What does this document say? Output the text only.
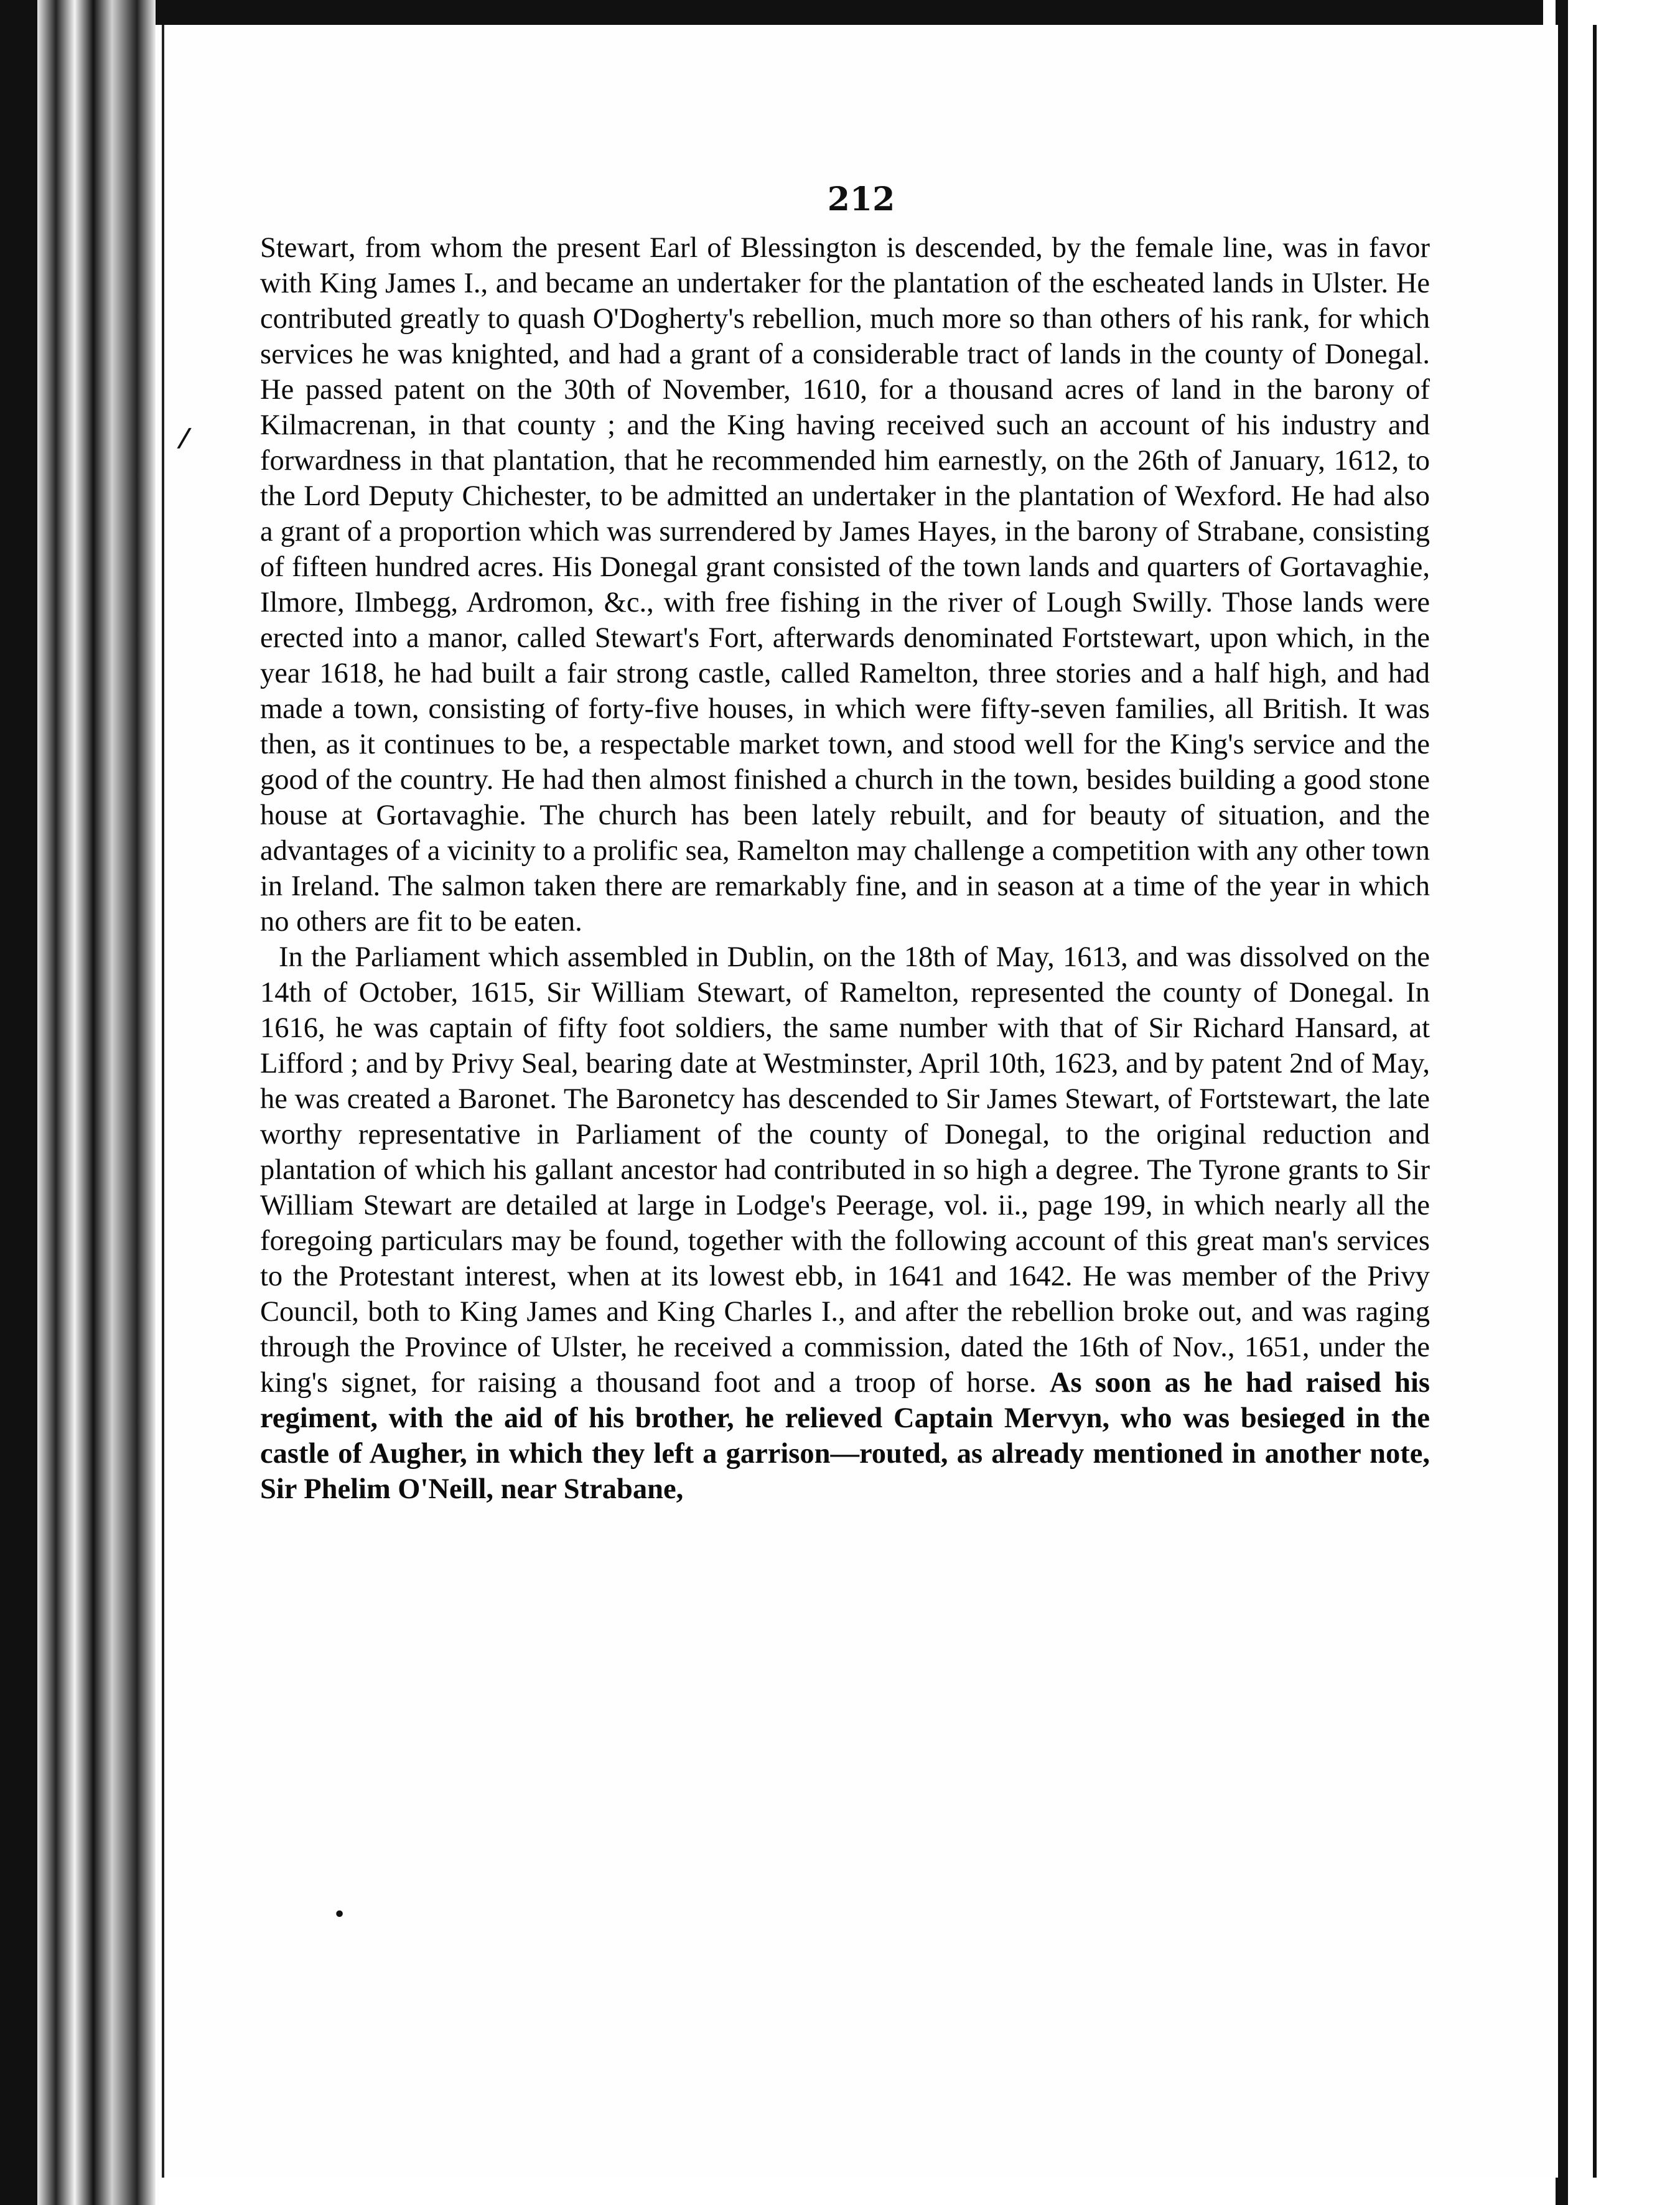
212
/
•

Stewart, from whom the present Earl of Blessington is descended, by the female line, was in favor with King James I., and became an undertaker for the plantation of the escheated lands in Ulster. He contributed greatly to quash O'Dogherty's rebellion, much more so than others of his rank, for which services he was knighted, and had a grant of a considerable tract of lands in the county of Donegal. He passed patent on the 30th of November, 1610, for a thousand acres of land in the barony of Kilmacrenan, in that county ; and the King having received such an account of his industry and forwardness in that plantation, that he recommended him earnestly, on the 26th of January, 1612, to the Lord Deputy Chichester, to be admitted an undertaker in the plantation of Wexford. He had also a grant of a proportion which was surrendered by James Hayes, in the barony of Strabane, consisting of fifteen hundred acres. His Donegal grant consisted of the town lands and quarters of Gortavaghie, Ilmore, Ilmbegg, Ardromon, &c., with free fishing in the river of Lough Swilly. Those lands were erected into a manor, called Stewart's Fort, afterwards denominated Fortstewart, upon which, in the year 1618, he had built a fair strong castle, called Ramelton, three stories and a half high, and had made a town, consisting of forty-five houses, in which were fifty-seven families, all British. It was then, as it continues to be, a respectable market town, and stood well for the King's service and the good of the country. He had then almost finished a church in the town, besides building a good stone house at Gortavaghie. The church has been lately rebuilt, and for beauty of situation, and the advantages of a vicinity to a prolific sea, Ramelton may challenge a competition with any other town in Ireland. The salmon taken there are remarkably fine, and in season at a time of the year in which no others are fit to be eaten.

In the Parliament which assembled in Dublin, on the 18th of May, 1613, and was dissolved on the 14th of October, 1615, Sir William Stewart, of Ramelton, represented the county of Donegal. In 1616, he was captain of fifty foot soldiers, the same number with that of Sir Richard Hansard, at Lifford ; and by Privy Seal, bearing date at Westminster, April 10th, 1623, and by patent 2nd of May, he was created a Baronet. The Baronetcy has descended to Sir James Stewart, of Fortstewart, the late worthy representative in Parliament of the county of Donegal, to the original reduction and plantation of which his gallant ancestor had contributed in so high a degree. The Tyrone grants to Sir William Stewart are detailed at large in Lodge's Peerage, vol. ii., page 199, in which nearly all the foregoing particulars may be found, together with the following account of this great man's services to the Protestant interest, when at its lowest ebb, in 1641 and 1642. He was member of the Privy Council, both to King James and King Charles I., and after the rebellion broke out, and was raging through the Province of Ulster, he received a commission, dated the 16th of Nov., 1651, under the king's signet, for raising a thousand foot and a troop of horse. As soon as he had raised his regiment, with the aid of his brother, he relieved Captain Mervyn, who was besieged in the castle of Augher, in which they left a garrison—routed, as already mentioned in another note, Sir Phelim O'Neill, near Strabane,
